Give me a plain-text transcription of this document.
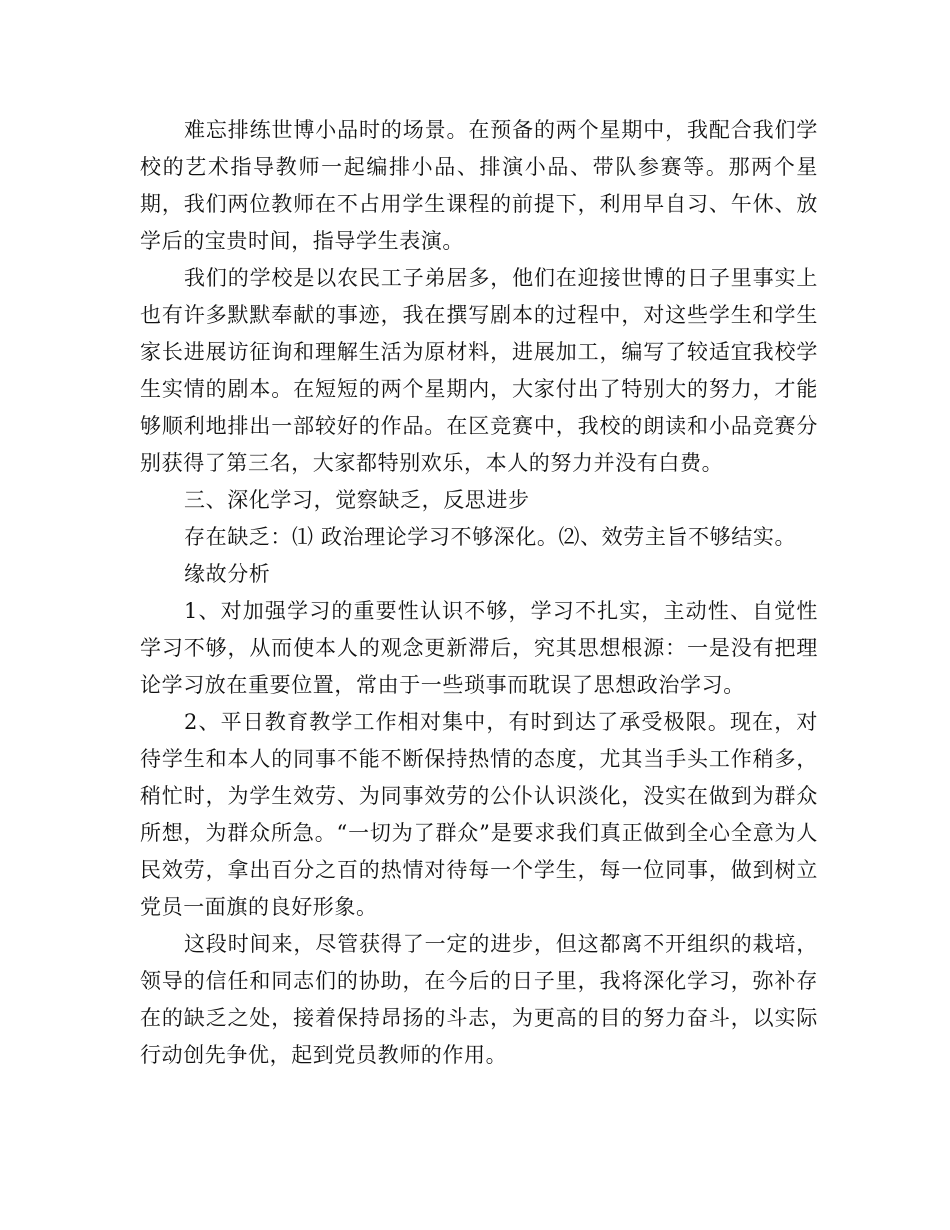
难忘排练世博小品时的场景。在预备的两个星期中，我配合我们学校的艺术指导教师一起编排小品、排演小品、带队参赛等。那两个星期，我们两位教师在不占用学生课程的前提下，利用早自习、午休、放学后的宝贵时间，指导学生表演。

我们的学校是以农民工子弟居多，他们在迎接世博的日子里事实上也有许多默默奉献的事迹，我在撰写剧本的过程中，对这些学生和学生家长进展访征询和理解生活为原材料，进展加工，编写了较适宜我校学生实情的剧本。在短短的两个星期内，大家付出了特别大的努力，才能够顺利地排出一部较好的作品。在区竞赛中，我校的朗读和小品竞赛分别获得了第三名，大家都特别欢乐，本人的努力并没有白费。

三、深化学习，觉察缺乏，反思进步

存在缺乏：⑴ 政治理论学习不够深化。⑵、效劳主旨不够结实。

缘故分析

1、对加强学习的重要性认识不够，学习不扎实，主动性、自觉性学习不够，从而使本人的观念更新滞后，究其思想根源：一是没有把理论学习放在重要位置，常由于一些琐事而耽误了思想政治学习。

2、平日教育教学工作相对集中，有时到达了承受极限。现在，对待学生和本人的同事不能不断保持热情的态度，尤其当手头工作稍多，稍忙时，为学生效劳、为同事效劳的公仆认识淡化，没实在做到为群众所想，为群众所急。“一切为了群众”是要求我们真正做到全心全意为人民效劳，拿出百分之百的热情对待每一个学生，每一位同事，做到树立党员一面旗的良好形象。

这段时间来，尽管获得了一定的进步，但这都离不开组织的栽培，领导的信任和同志们的协助，在今后的日子里，我将深化学习，弥补存在的缺乏之处，接着保持昂扬的斗志，为更高的目的努力奋斗，以实际行动创先争优，起到党员教师的作用。
